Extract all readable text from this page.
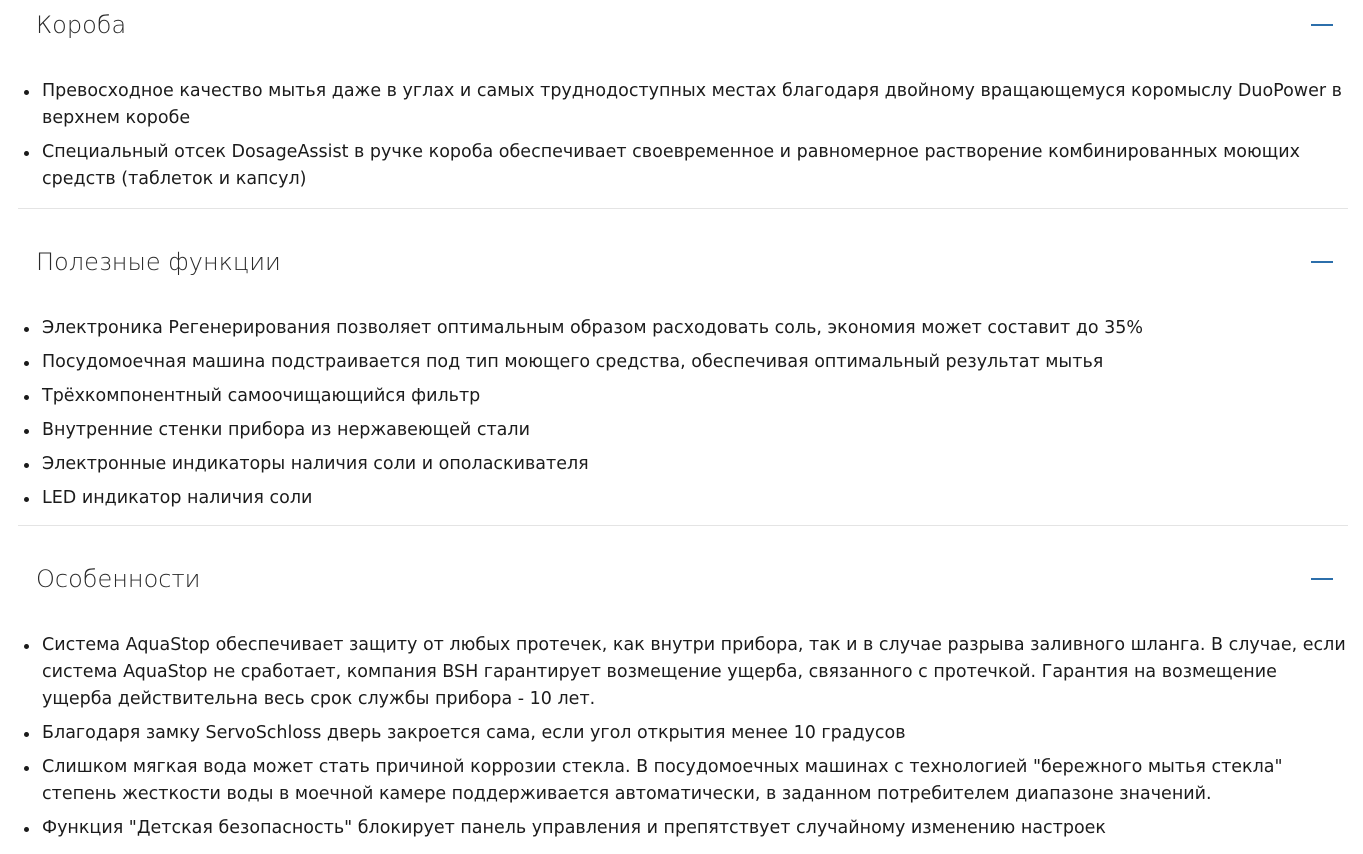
Короба
Превосходное качество мытья даже в углах и самых труднодоступных местах благодаря двойному вращающемуся коромыслу DuoPower в верхнем коробе
Специальный отсек DosageAssist в ручке короба обеспечивает своевременное и равномерное растворение комбинированных моющих средств (таблеток и капсул)
Полезные функции
Электроника Регенерирования позволяет оптимальным образом расходовать соль, экономия может составит до 35%
Посудомоечная машина подстраивается под тип моющего средства, обеспечивая оптимальный результат мытья
Трёхкомпонентный самоочищающийся фильтр
Внутренние стенки прибора из нержавеющей стали
Электронные индикаторы наличия соли и ополаскивателя
LED индикатор наличия соли
Особенности
Система AquaStop обеспечивает защиту от любых протечек, как внутри прибора, так и в случае разрыва заливного шланга. В случае, если система AquaStop не сработает, компания BSH гарантирует возмещение ущерба, связанного с протечкой. Гарантия на возмещение ущерба действительна весь срок службы прибора - 10 лет.
Благодаря замку ServoSchloss дверь закроется сама, если угол открытия менее 10 градусов
Слишком мягкая вода может стать причиной коррозии стекла. В посудомоечных машинах с технологией "бережного мытья стекла" степень жесткости воды в моечной камере поддерживается автоматически, в заданном потребителем диапазоне значений.
Функция "Детская безопасность" блокирует панель управления и препятствует случайному изменению настроек
